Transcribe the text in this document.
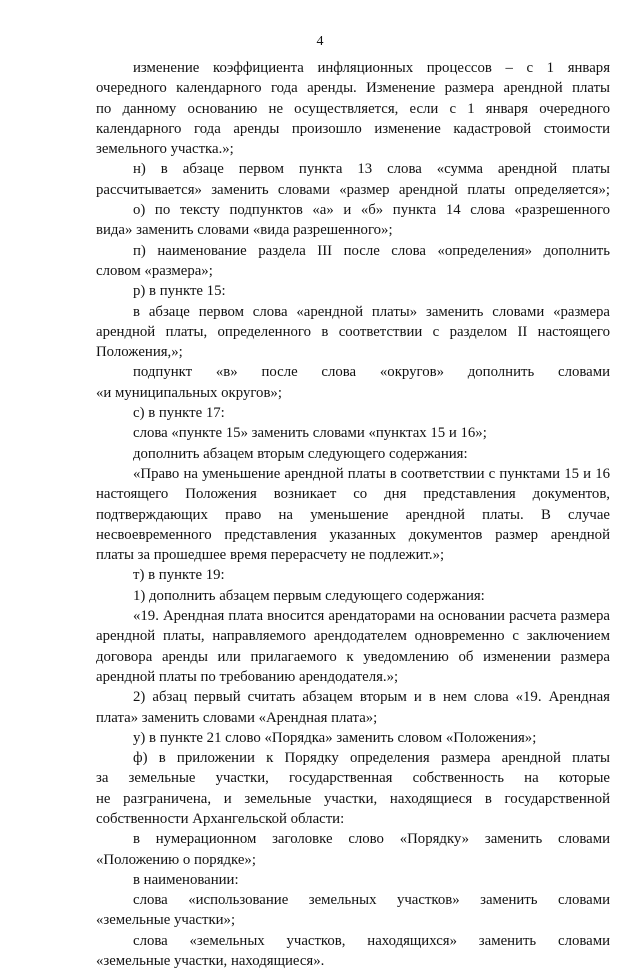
4
изменение коэффициента инфляционных процессов – с 1 января
очередного календарного года аренды. Изменение размера арендной платы
по данному основанию не осуществляется, если с 1 января очередного
календарного года аренды произошло изменение кадастровой стоимости
земельного участка.»;
н) в абзаце первом пункта 13 слова «сумма арендной платы
рассчитывается» заменить словами «размер арендной платы определяется»;
о) по тексту подпунктов «а» и «б» пункта 14 слова «разрешенного
вида» заменить словами «вида разрешенного»;
п) наименование раздела III после слова «определения» дополнить
словом «размера»;
р) в пункте 15:
в абзаце первом слова «арендной платы» заменить словами «размера
арендной платы, определенного в соответствии с разделом II настоящего
Положения,»;
подпункт «в» после слова «округов» дополнить словами
«и муниципальных округов»;
с) в пункте 17:
слова «пункте 15» заменить словами «пунктах 15 и 16»;
дополнить абзацем вторым следующего содержания:
«Право на уменьшение арендной платы в соответствии с пунктами 15 и 16
настоящего Положения возникает со дня представления документов,
подтверждающих право на уменьшение арендной платы. В случае
несвоевременного представления указанных документов размер арендной
платы за прошедшее время перерасчету не подлежит.»;
т) в пункте 19:
1) дополнить абзацем первым следующего содержания:
«19. Арендная плата вносится арендаторами на основании расчета размера
арендной платы, направляемого арендодателем одновременно с заключением
договора аренды или прилагаемого к уведомлению об изменении размера
арендной платы по требованию арендодателя.»;
2) абзац первый считать абзацем вторым и в нем слова «19. Арендная
плата» заменить словами «Арендная плата»;
у) в пункте 21 слово «Порядка» заменить словом «Положения»;
ф) в приложении к Порядку определения размера арендной платы
за земельные участки, государственная собственность на которые
не разграничена, и земельные участки, находящиеся в государственной
собственности Архангельской области:
в нумерационном заголовке слово «Порядку» заменить словами
«Положению о порядке»;
в наименовании:
слова «использование земельных участков» заменить словами
«земельные участки»;
слова «земельных участков, находящихся» заменить словами
«земельные участки, находящиеся».
